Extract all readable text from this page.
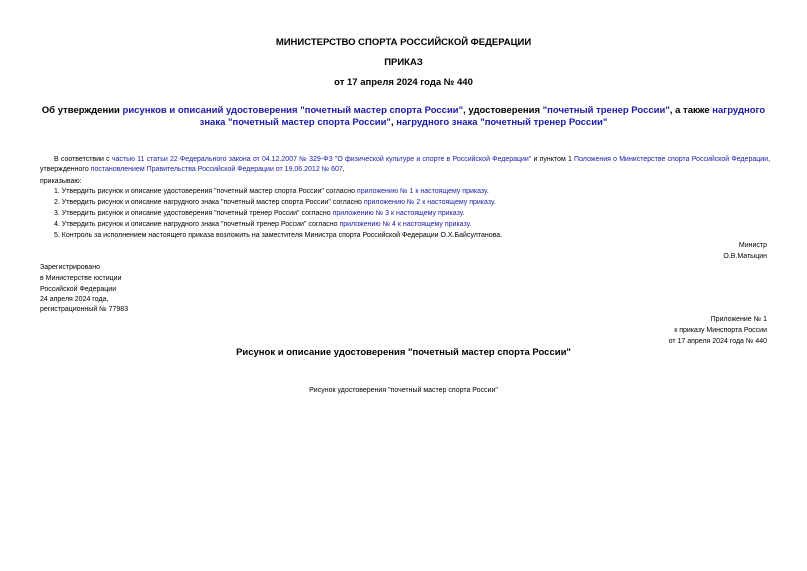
МИНИСТЕРСТВО СПОРТА РОССИЙСКОЙ ФЕДЕРАЦИИ
ПРИКАЗ
от 17 апреля 2024 года № 440
Об утверждении рисунков и описаний удостоверения "почетный мастер спорта России", удостоверения "почетный тренер России", а также нагрудного знака "почетный мастер спорта России", нагрудного знака "почетный тренер России"
В соответствии с частью 11 статьи 22 Федерального закона от 04.12.2007 № 329-ФЗ "О физической культуре и спорте в Российской Федерации" и пунктом 1 Положения о Министерстве спорта Российской Федерации, утвержденного постановлением Правительства Российской Федерации от 19.06.2012 № 607,
приказываю:
1. Утвердить рисунок и описание удостоверения "почетный мастер спорта России" согласно приложению № 1 к настоящему приказу.
2. Утвердить рисунок и описание нагрудного знака "почетный мастер спорта России" согласно приложению № 2 к настоящему приказу.
3. Утвердить рисунок и описание удостоверения "почетный тренер России" согласно приложению № 3 к настоящему приказу.
4. Утвердить рисунок и описание нагрудного знака "почетный тренер России" согласно приложению № 4 к настоящему приказу.
5. Контроль за исполнением настоящего приказа возложить на заместителя Министра спорта Российской Федерации О.Х.Байсултанова.
Министр
О.В.Матыцин
Зарегистрировано
в Министерстве юстиции
Российской Федерации
24 апреля 2024 года,
регистрационный № 77983
Приложение № 1
к приказу Минспорта России
от 17 апреля 2024 года № 440
Рисунок и описание удостоверения "почетный мастер спорта России"
Рисунок удостоверения "почетный мастер спорта России"
